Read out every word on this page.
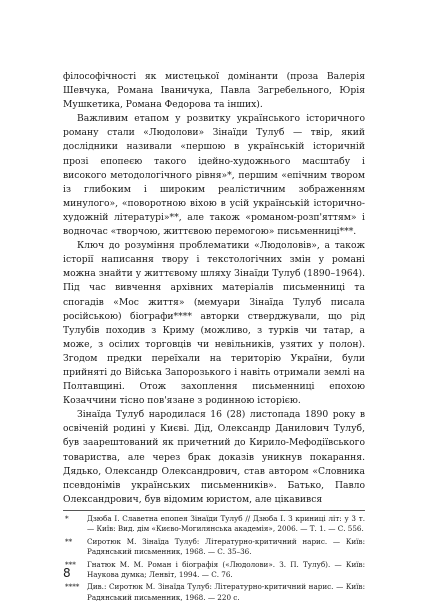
філософічності як мистецької домінанти (проза Валерія Шевчука, Романа Іваничука, Павла Загребельного, Юрія Мушкетика, Романа Федорова та інших).

Важливим етапом у розвитку українського історичного роману стали «Людолови» Зінаїди Тулуб — твір, який дослідники називали «першою в українській історичній прозі епопеєю такого ідейно-художнього масштабу і високого методологічного рівня»*, першим «епічним твором із глибоким і широким реалістичним зображенням минулого», «поворотною віхою в усій українській історично-художній літературі»**, але також «романом-розп'яттям» і водночас «творчою, життєвою перемогою» письменниці***.

Ключ до розуміння проблематики «Людоловів», а також історії написання твору і текстологічних змін у романі можна знайти у життєвому шляху Зінаїди Тулуб (1890–1964). Під час вивчення архівних матеріалів письменниці та спогадів «Мос життя» (мемуари Зінаїда Тулуб писала російською) біографи**** авторки стверджували, що рід Тулубів походив з Криму (можливо, з турків чи татар, а може, з осілих торговців чи невільників, узятих у полон). Згодом предки переїхали на територію України, були прийняті до Війська Запорозького і навіть отримали землі на Полтавщині. Отож захоплення письменниці епохою Козаччини тісно пов'язане з родинною історією.

Зінаїда Тулуб народилася 16 (28) листопада 1890 року в освіченій родині у Києві. Дід, Олександр Данилович Тулуб, був заарештований як причетний до Кирило-Мефодіївського товариства, але через брак доказів уникнув покарання. Дядько, Олександр Олександрович, став автором «Словника псевдонімів українських письменників». Батько, Павло Олександрович, був відомим юристом, але цікавився

*	Дзюба І. Славетна епопея Зінаїди Тулуб // Дзюба І. З криниці літ: у 3 т. — Київ: Вид. дім «Києво-Могилянська академія», 2006. — Т. 1. — С. 556.
**	Сиротюк М. Зінаїда Тулуб: Літературно-критичний нарис. — Київ: Радянський письменник, 1968. — С. 35–36.
***	Гнатюк М. М. Роман і біографія («Людолови». З. П. Тулуб). — Київ: Наукова думка; Ленвіт, 1994. — С. 76.
****	Див.: Сиротюк М. Зінаїда Тулуб: Літературно-критичний нарис. — Київ: Радянський письменник, 1968. — 220 с.
8
